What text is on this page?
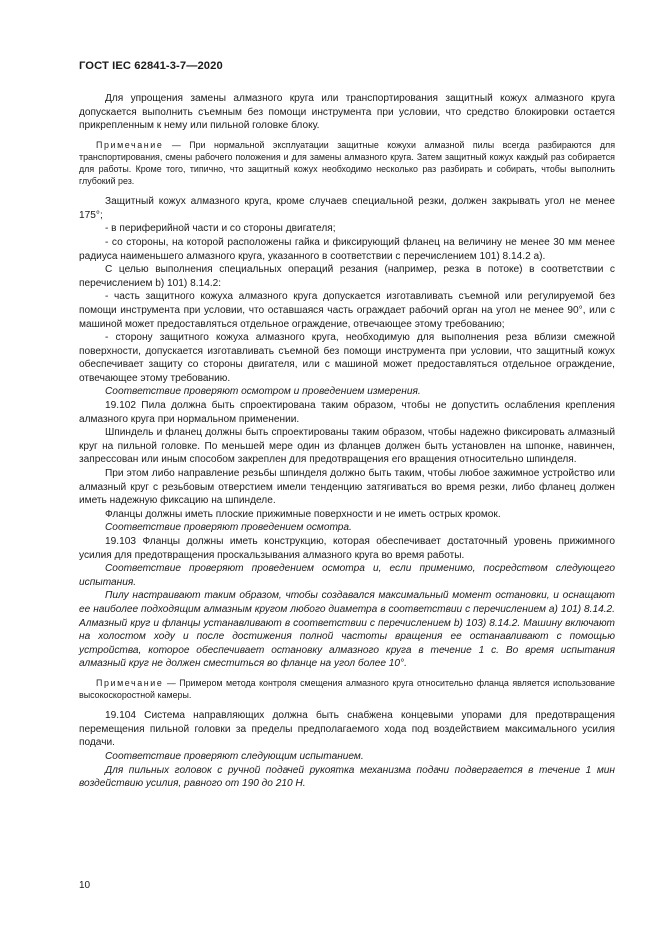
ГОСТ IEC 62841-3-7—2020

Для упрощения замены алмазного круга или транспортирования защитный кожух алмазного круга допускается выполнить съемным без помощи инструмента при условии, что средство блокировки остается прикрепленным к нему или пильной головке блоку.

Примечание — При нормальной эксплуатации защитные кожухи алмазной пилы всегда разбираются для транспортирования, смены рабочего положения и для замены алмазного круга. Затем защитный кожух каждый раз собирается для работы. Кроме того, типично, что защитный кожух необходимо несколько раз разбирать и собирать, чтобы выполнить глубокий рез.

Защитный кожух алмазного круга, кроме случаев специальной резки, должен закрывать угол не менее 175°;

- в периферийной части и со стороны двигателя;

- со стороны, на которой расположены гайка и фиксирующий фланец на величину не менее 30 мм менее радиуса наименьшего алмазного круга, указанного в соответствии с перечислением 101) 8.14.2 a).

С целью выполнения специальных операций резания (например, резка в потоке) в соответствии с перечислением b) 101) 8.14.2:

- часть защитного кожуха алмазного круга допускается изготавливать съемной или регулируемой без помощи инструмента при условии, что оставшаяся часть ограждает рабочий орган на угол не менее 90°, или с машиной может предоставляться отдельное ограждение, отвечающее этому требованию;

- сторону защитного кожуха алмазного круга, необходимую для выполнения реза вблизи смежной поверхности, допускается изготавливать съемной без помощи инструмента при условии, что защитный кожух обеспечивает защиту со стороны двигателя, или с машиной может предоставляться отдельное ограждение, отвечающее этому требованию.

Соответствие проверяют осмотром и проведением измерения.

19.102 Пила должна быть спроектирована таким образом, чтобы не допустить ослабления крепления алмазного круга при нормальном применении.

Шпиндель и фланец должны быть спроектированы таким образом, чтобы надежно фиксировать алмазный круг на пильной головке. По меньшей мере один из фланцев должен быть установлен на шпонке, навинчен, запрессован или иным способом закреплен для предотвращения его вращения относительно шпинделя.

При этом либо направление резьбы шпинделя должно быть таким, чтобы любое зажимное устройство или алмазный круг с резьбовым отверстием имели тенденцию затягиваться во время резки, либо фланец должен иметь надежную фиксацию на шпинделе.

Фланцы должны иметь плоские прижимные поверхности и не иметь острых кромок.

Соответствие проверяют проведением осмотра.

19.103 Фланцы должны иметь конструкцию, которая обеспечивает достаточный уровень прижимного усилия для предотвращения проскальзывания алмазного круга во время работы.

Соответствие проверяют проведением осмотра и, если применимо, посредством следующего испытания.

Пилу настраивают таким образом, чтобы создавался максимальный момент остановки, и оснащают ее наиболее подходящим алмазным кругом любого диаметра в соответствии с перечислением a) 101) 8.14.2. Алмазный круг и фланцы устанавливают в соответствии с перечислением b) 103) 8.14.2. Машину включают на холостом ходу и после достижения полной частоты вращения ее останавливают с помощью устройства, которое обеспечивает остановку алмазного круга в течение 1 с. Во время испытания алмазный круг не должен сместиться во фланце на угол более 10°.

Примечание — Примером метода контроля смещения алмазного круга относительно фланца является использование высокоскоростной камеры.

19.104 Система направляющих должна быть снабжена концевыми упорами для предотвращения перемещения пильной головки за пределы предполагаемого хода под воздействием максимального усилия подачи.

Соответствие проверяют следующим испытанием.

Для пильных головок с ручной подачей рукоятка механизма подачи подвергается в течение 1 мин воздействию усилия, равного от 190 до 210 Н.

10
